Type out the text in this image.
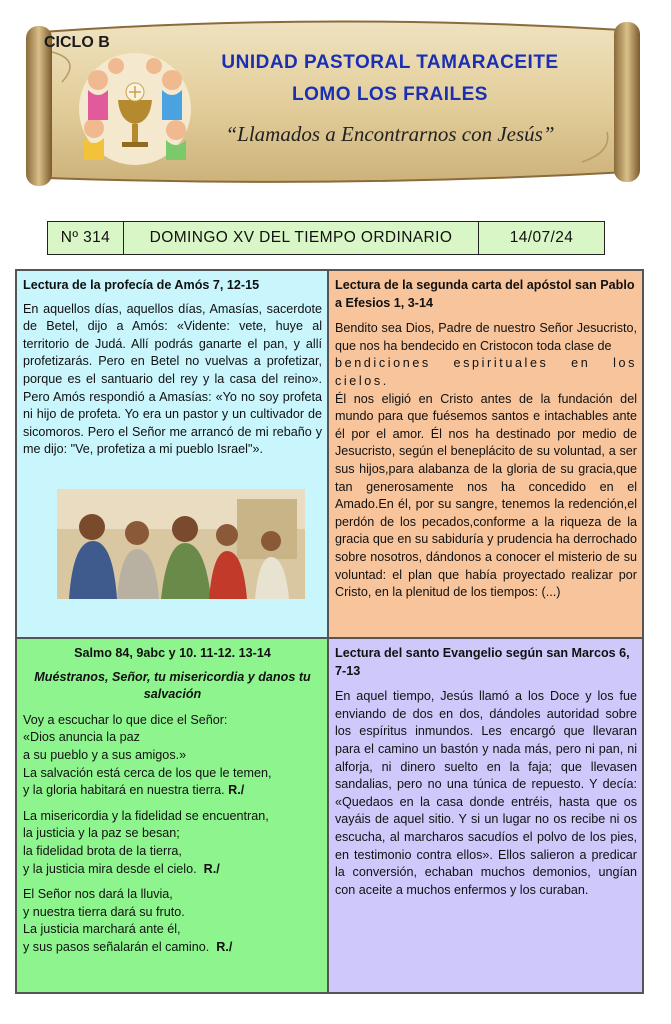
CICLO B
UNIDAD PASTORAL TAMARACEITE
LOMO LOS FRAILES
“Llamados a Encontrarnos con Jesús”
Nº 314	DOMINGO XV DEL TIEMPO ORDINARIO	14/07/24
Lectura de la profecía de Amós 7, 12-15

En aquellos días, aquellos días, Amasías, sacerdote de Betel, dijo a Amós: «Vidente: vete, huye al territorio de Judá. Allí podrás ganarte el pan, y allí profetizarás. Pero en Betel no vuelvas a profetizar, porque es el santuario del rey y la casa del reino». Pero Amós respondió a Amasías: «Yo no soy profeta ni hijo de profeta. Yo era un pastor y un cultivador de sicomoros. Pero el Señor me arrancó de mi rebaño y me dijo: "Ve, profetiza a mi pueblo Israel"».

Lectura de la segunda carta del apóstol san Pablo a Efesios 1, 3-14

Bendito sea Dios, Padre de nuestro Señor Jesucristo, que nos ha bendecido en Cristocon toda clase de

bendiciones espirituales en los cielos.

Él nos eligió en Cristo antes de la fundación del mundo para que fuésemos santos e intachables ante él por el amor. Él nos ha destinado por medio de Jesucristo, según el beneplácito de su voluntad, a ser sus hijos,para alabanza de la gloria de su gracia,que tan generosamente nos ha concedido en el Amado.En él, por su sangre, tenemos la redención,el perdón de los pecados,conforme a la riqueza de la gracia que en su sabiduría y prudencia ha derrochado sobre nosotros, dándonos a conocer el misterio de su voluntad: el plan que había proyectado realizar por Cristo, en la plenitud de los tiempos: (...)

Salmo 84, 9abc y 10. 11-12. 13-14
Muéstranos, Señor, tu misericordia y danos tu salvación
Voy a escuchar lo que dice el Señor:
«Dios anuncia la paz
a su pueblo y a sus amigos.»
La salvación está cerca de los que le temen,
y la gloria habitará en nuestra tierra. R./
La misericordia y la fidelidad se encuentran,
la justicia y la paz se besan;
la fidelidad brota de la tierra,
y la justicia mira desde el cielo. R./
El Señor nos dará la lluvia,
y nuestra tierra dará su fruto.
La justicia marchará ante él,
y sus pasos señalarán el camino. R./
Lectura del santo Evangelio según san Marcos 6, 7-13

En aquel tiempo, Jesús llamó a los Doce y los fue enviando de dos en dos, dándoles autoridad sobre los espíritus inmundos. Les encargó que llevaran para el camino un bastón y nada más, pero ni pan, ni alforja, ni dinero suelto en la faja; que llevasen sandalias, pero no una túnica de repuesto. Y decía: «Quedaos en la casa donde entréis, hasta que os vayáis de aquel sitio. Y si un lugar no os recibe ni os escucha, al marcharos sacudíos el polvo de los pies, en testimonio contra ellos». Ellos salieron a predicar la conversión, echaban muchos demonios, ungían con aceite a muchos enfermos y los curaban.
